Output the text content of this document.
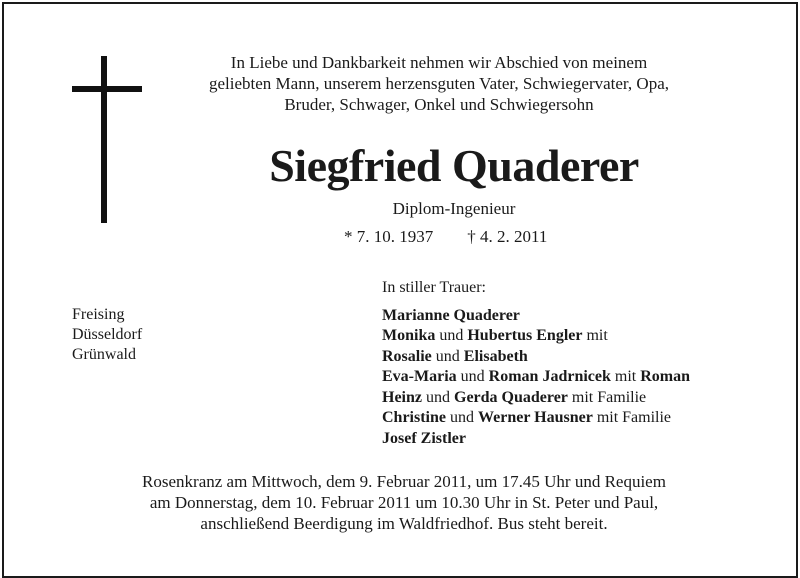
In Liebe und Dankbarkeit nehmen wir Abschied von meinem
geliebten Mann, unserem herzensguten Vater, Schwiegervater, Opa,
Bruder, Schwager, Onkel und Schwiegersohn
Siegfried Quaderer
Diplom-Ingenieur
* 7. 10. 1937 † 4. 2. 2011
Freising
Düsseldorf
Grünwald
In stiller Trauer:
Marianne Quaderer
Monika und Hubertus Engler mit
Rosalie und Elisabeth
Eva-Maria und Roman Jadrnicek mit Roman
Heinz und Gerda Quaderer mit Familie
Christine und Werner Hausner mit Familie
Josef Zistler
Rosenkranz am Mittwoch, dem 9. Februar 2011, um 17.45 Uhr und Requiem
am Donnerstag, dem 10. Februar 2011 um 10.30 Uhr in St. Peter und Paul,
anschließend Beerdigung im Waldfriedhof. Bus steht bereit.
